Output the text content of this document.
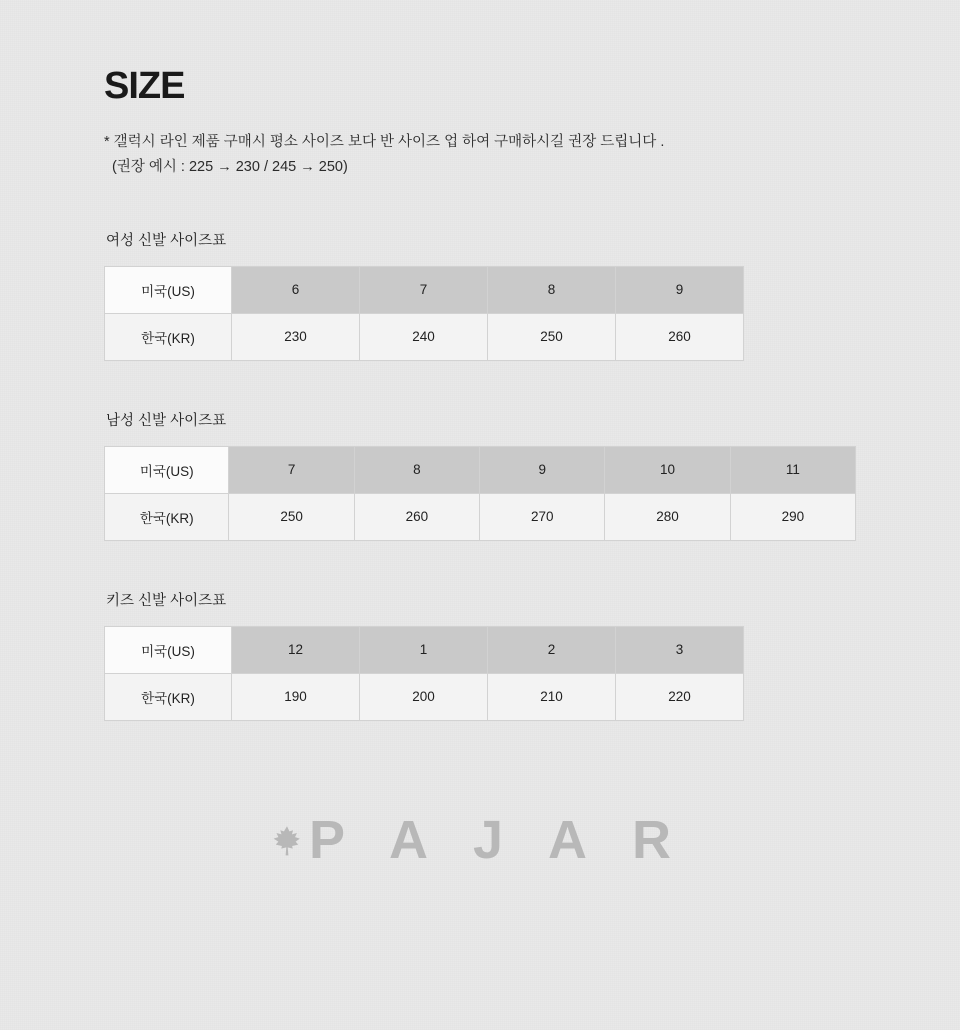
SIZE
* 갤럭시 라인 제품 구매시 평소 사이즈 보다 반 사이즈 업 하여 구매하시길 권장 드립니다 .
(권장 예시 : 225 → 230 / 245 → 250)
여성 신발 사이즈표
미국(US)	6	7	8	9
한국(KR)	230	240	250	260
남성 신발 사이즈표
미국(US)	7	8	9	10	11
한국(KR)	250	260	270	280	290
키즈 신발 사이즈표
미국(US)	12	1	2	3
한국(KR)	190	200	210	220
P A J A R
